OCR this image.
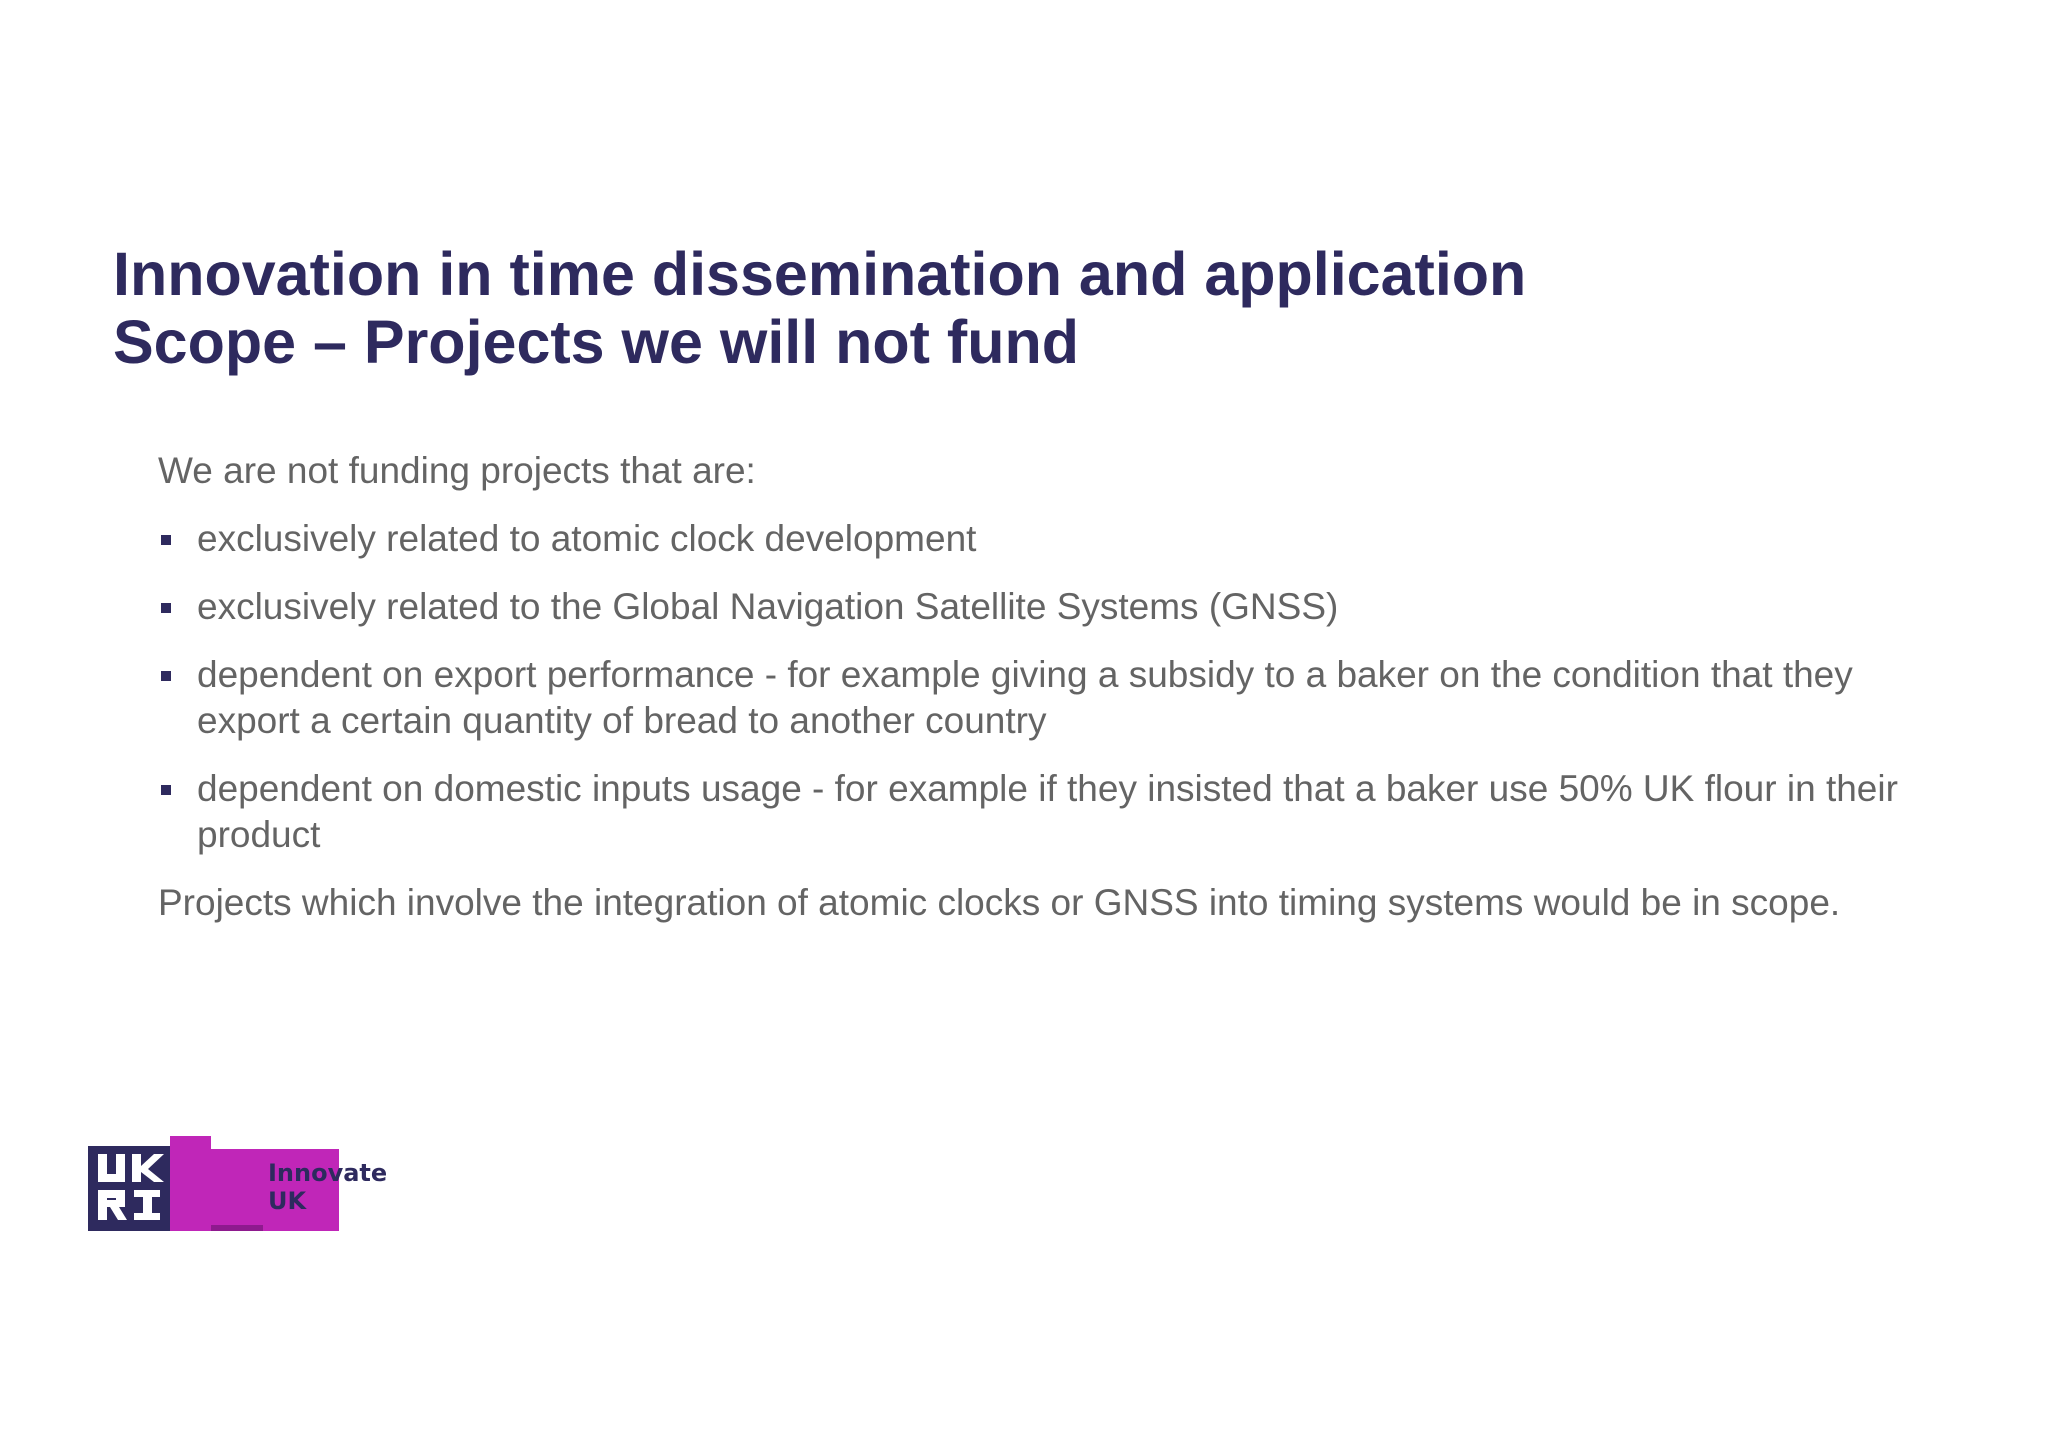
Innovation in time dissemination and application
Scope – Projects we will not fund

We are not funding projects that are:

exclusively related to atomic clock development
exclusively related to the Global Navigation Satellite Systems (GNSS)
dependent on export performance - for example giving a subsidy to a baker on the condition that they export a certain quantity of bread to another country
dependent on domestic inputs usage - for example if they insisted that a baker use 50% UK flour in their product

Projects which involve the integration of atomic clocks or GNSS into timing systems would be in scope.

Innovate
UK
